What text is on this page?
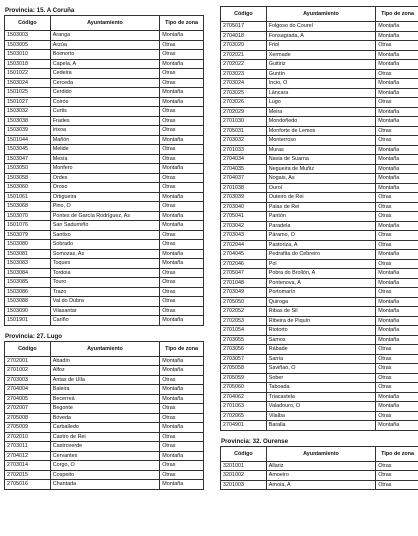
Provincia: 15. A Coruña
Código	Ayuntamiento	Tipo de zona
1503003	Aranga	Montaña
1503005	Arzúa	Otras
1503010	Boimorto	Otras
1503018	Capela, A	Montaña
1501022	Cedeira	Otras
1503024	Cerceda	Otras
1501025	Cerdido	Montaña
1501027	Coirós	Montaña
1503032	Curtis	Otras
1503038	Frades	Otras
1503039	Irixoa	Otras
1501044	Mañón	Montaña
1503045	Melide	Otras
1503047	Mesía	Otras
1503050	Monfero	Montaña
1503058	Ordes	Otras
1503060	Oroso	Otras
1501061	Ortigueira	Montaña
1503068	Pino, O	Otras
1503070	Pontes de García Rodríguez, As	Montaña
1501076	San Sadurniño	Montaña
1503079	Santiso	Otras
1503080	Sobrado	Otras
1503081	Somozas, As	Montaña
1503083	Toques	Montaña
1503084	Tordoia	Otras
1503085	Touro	Otras
1503086	Trazo	Otras
1503088	Val do Dubra	Otras
1503090	Vilasantar	Otras
1501901	Cariño	Montaña
Provincia: 27. Lugo
Código	Ayuntamiento	Tipo de zona
2702001	Abadín	Montaña
2701002	Alfoz	Montaña
2703003	Antas de Ulla	Otras
2704004	Baleira	Montaña
2704005	Becerreá	Montaña
2702007	Begonte	Otras
2705008	Bóveda	Otras
2705009	Carballedo	Montaña
2702010	Castro de Rei	Otras
2703011	Castroverde	Otras
2704012	Cervantes	Montaña
2703014	Corgo, O	Otras
2702015	Cospeito	Otras
2705016	Chantada	Montaña
Código	Ayuntamiento	Tipo de zona
2705017	Folgoso do Courel	Montaña
2704018	Fonsagrada, A	Montaña
2703020	Friol	Otras
2702021	Xermade	Montaña
2702022	Guitiriz	Montaña
2703023	Guntín	Otras
2703024	Incio, O	Montaña
2703025	Láncara	Montaña
2703026	Lugo	Otras
2702029	Meira	Montaña
2701030	Mondoñedo	Montaña
2705031	Monforte de Lemos	Otras
2703032	Monterroso	Otras
2701033	Muras	Montaña
2704034	Navia de Suarna	Montaña
2704035	Negueira de Muñiz	Montaña
2704037	Nogais, As	Montaña
2701038	Ourol	Montaña
2703039	Outeiro de Rei	Otras
2703040	Palas de Rei	Otras
2705041	Pantón	Otras
2703042	Paradela	Montaña
2703043	Páramo, O	Otras
2702044	Pastoriza, A	Otras
2704045	Pedrafita do Cebreiro	Montaña
2702046	Pol	Otras
2705047	Pobra do Brollón, A	Montaña
2701048	Pontenova, A	Montaña
2703049	Portomarín	Otras
2705050	Quiroga	Montaña
2702052	Ribas de Sil	Montaña
2702053	Ribeira de Piquín	Montaña
2701054	Riotorto	Montaña
2703055	Samos	Montaña
2703056	Rábade	Otras
2703057	Sarria	Otras
2705058	Saviñao, O	Otras
2705059	Sober	Otras
2705060	Taboada	Otras
2704062	Triacastela	Montaña
2701063	Valadouro, O	Montaña
2702065	Vilalba	Otras
2704901	Baralla	Montaña
Provincia: 32. Ourense
Código	Ayuntamiento	Tipo de zona
3201001	Allariz	Otras
3201002	Amoeiro	Otras
3201003	Arnoia, A	Otras
